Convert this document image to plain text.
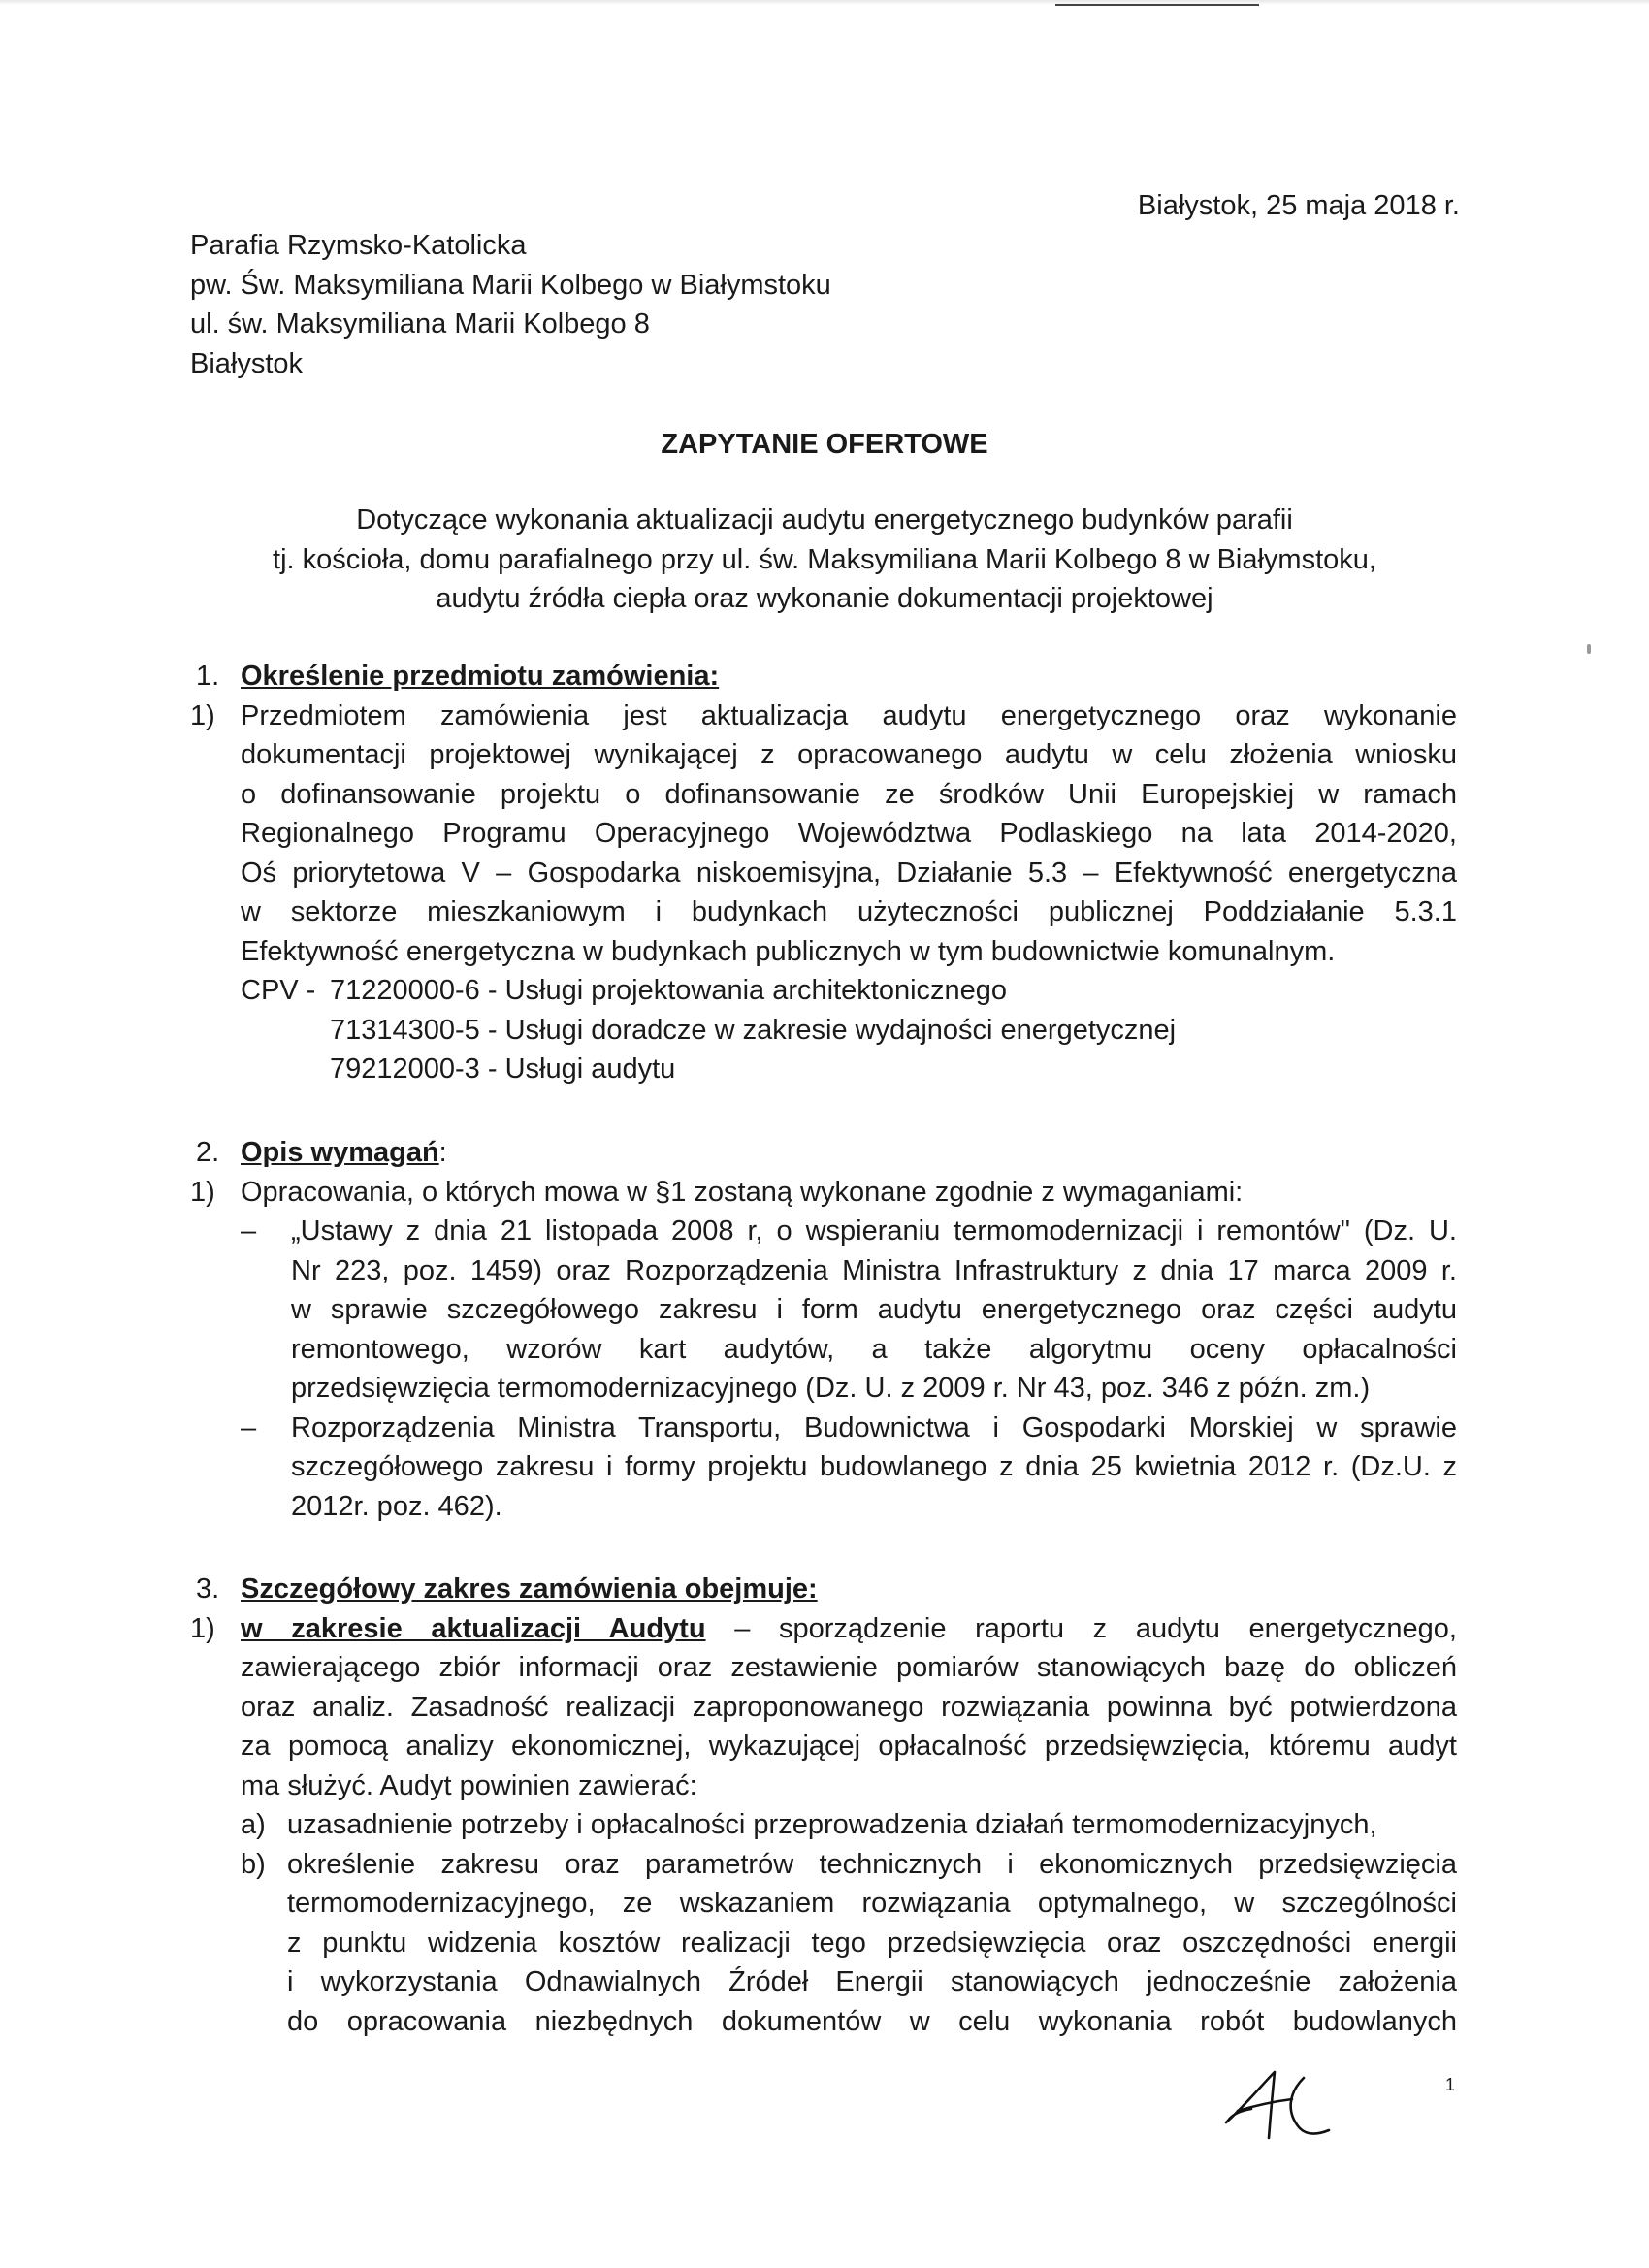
Białystok, 25 maja 2018 r.
Parafia Rzymsko-Katolicka
pw. Św. Maksymiliana Marii Kolbego w Białymstoku
ul. św. Maksymiliana Marii Kolbego 8
Białystok
ZAPYTANIE OFERTOWE
Dotyczące wykonania aktualizacji audytu energetycznego budynków parafii
tj. kościoła, domu parafialnego przy ul. św. Maksymiliana Marii Kolbego 8 w Białymstoku,
audytu źródła ciepła oraz wykonanie dokumentacji projektowej
1. Określenie przedmiotu zamówienia:
1) Przedmiotem zamówienia jest aktualizacja audytu energetycznego oraz wykonanie
dokumentacji projektowej wynikającej z opracowanego audytu w celu złożenia wniosku
o dofinansowanie projektu o dofinansowanie ze środków Unii Europejskiej w ramach
Regionalnego Programu Operacyjnego Województwa Podlaskiego na lata 2014-2020,
Oś priorytetowa V – Gospodarka niskoemisyjna, Działanie 5.3 – Efektywność energetyczna
w sektorze mieszkaniowym i budynkach użyteczności publicznej Poddziałanie 5.3.1
Efektywność energetyczna w budynkach publicznych w tym budownictwie komunalnym.
CPV - 71220000-6 - Usługi projektowania architektonicznego
71314300-5 - Usługi doradcze w zakresie wydajności energetycznej
79212000-3 - Usługi audytu
2. Opis wymagań:
1) Opracowania, o których mowa w §1 zostaną wykonane zgodnie z wymaganiami:
– „Ustawy z dnia 21 listopada 2008 r, o wspieraniu termomodernizacji i remontów" (Dz. U.
Nr 223, poz. 1459) oraz Rozporządzenia Ministra Infrastruktury z dnia 17 marca 2009 r.
w sprawie szczegółowego zakresu i form audytu energetycznego oraz części audytu
remontowego, wzorów kart audytów, a także algorytmu oceny opłacalności
przedsięwzięcia termomodernizacyjnego (Dz. U. z 2009 r. Nr 43, poz. 346 z późn. zm.)
– Rozporządzenia Ministra Transportu, Budownictwa i Gospodarki Morskiej w sprawie
szczegółowego zakresu i formy projektu budowlanego z dnia 25 kwietnia 2012 r. (Dz.U. z
2012r. poz. 462).
3. Szczegółowy zakres zamówienia obejmuje:
1) w zakresie aktualizacji Audytu – sporządzenie raportu z audytu energetycznego,
zawierającego zbiór informacji oraz zestawienie pomiarów stanowiących bazę do obliczeń
oraz analiz. Zasadność realizacji zaproponowanego rozwiązania powinna być potwierdzona
za pomocą analizy ekonomicznej, wykazującej opłacalność przedsięwzięcia, któremu audyt
ma służyć. Audyt powinien zawierać:
a) uzasadnienie potrzeby i opłacalności przeprowadzenia działań termomodernizacyjnych,
b) określenie zakresu oraz parametrów technicznych i ekonomicznych przedsięwzięcia
termomodernizacyjnego, ze wskazaniem rozwiązania optymalnego, w szczególności
z punktu widzenia kosztów realizacji tego przedsięwzięcia oraz oszczędności energii
i wykorzystania Odnawialnych Źródeł Energii stanowiących jednocześnie założenia
do opracowania niezbędnych dokumentów w celu wykonania robót budowlanych
1
